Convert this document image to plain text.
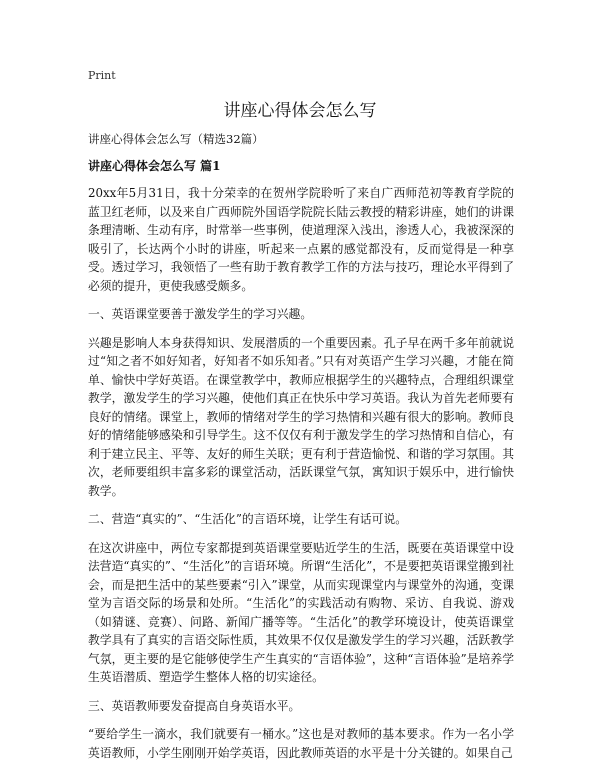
Print
讲座心得体会怎么写
讲座心得体会怎么写（精选32篇）
讲座心得体会怎么写 篇1

20xx年5月31日，我十分荣幸的在贺州学院聆听了来自广西师范初等教育学院的蓝卫红老师，以及来自广西师院外国语学院院长陆云教授的精彩讲座，她们的讲课条理清晰、生动有序，时常举一些事例，使道理深入浅出，渗透人心，我被深深的吸引了，长达两个小时的讲座，听起来一点累的感觉都没有，反而觉得是一种享受。透过学习，我领悟了一些有助于教育教学工作的方法与技巧，理论水平得到了必须的提升，更使我感受颇多。

一、英语课堂要善于激发学生的学习兴趣。

兴趣是影响人本身获得知识、发展潜质的一个重要因素。孔子早在两千多年前就说过“知之者不如好知者，好知者不如乐知者。”只有对英语产生学习兴趣，才能在简单、愉快中学好英语。在课堂教学中，教师应根据学生的兴趣特点，合理组织课堂教学，激发学生的学习兴趣，使他们真正在快乐中学习英语。我认为首先老师要有良好的情绪。课堂上，教师的情绪对学生的学习热情和兴趣有很大的影响。教师良好的情绪能够感染和引导学生。这不仅仅有利于激发学生的学习热情和自信心，有利于建立民主、平等、友好的师生关联；更有利于营造愉悦、和谐的学习氛围。其次，老师要组织丰富多彩的课堂活动，活跃课堂气氛，寓知识于娱乐中，进行愉快教学。

二、营造“真实的”、“生活化”的言语环境，让学生有话可说。

在这次讲座中，两位专家都提到英语课堂要贴近学生的生活，既要在英语课堂中设法营造“真实的”、“生活化”的言语环境。所谓“生活化”，不是要把英语课堂搬到社会，而是把生活中的某些要素“引入”课堂，从而实现课堂内与课堂外的沟通，变课堂为言语交际的场景和处所。“生活化”的实践活动有购物、采访、自我说、游戏（如猜谜、竞赛）、问路、新闻广播等等。“生活化”的教学环境设计，使英语课堂教学具有了真实的言语交际性质，其效果不仅仅是激发学生的学习兴趣，活跃教学气氛，更主要的是它能够使学生产生真实的“言语体验”，这种“言语体验”是培养学生英语潜质、塑造学生整体人格的切实途径。

三、英语教师要发奋提高自身英语水平。

“要给学生一滴水，我们就要有一桶水。”这也是对教师的基本要求。作为一名小学英语教师，小学生刚刚开始学英语，因此教师英语的水平是十分关键的。如果自己
